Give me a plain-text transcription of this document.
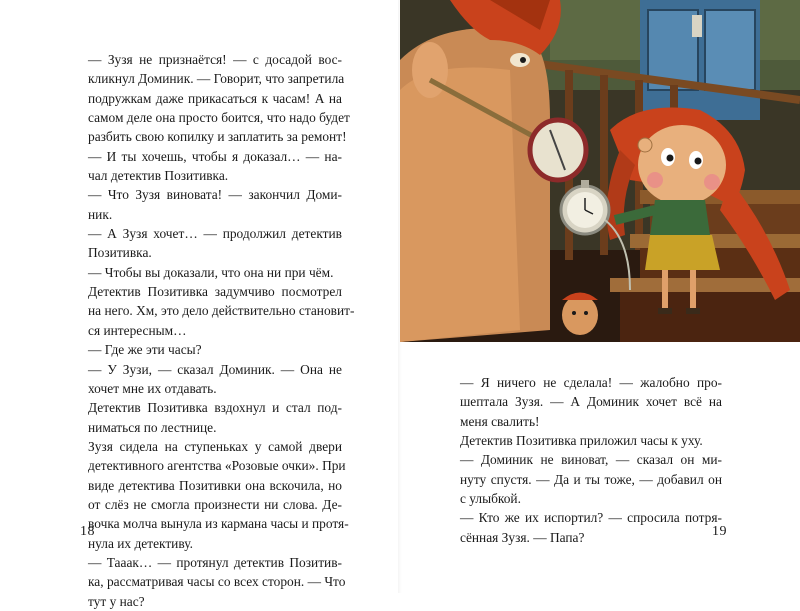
— Зузя не признаётся! — с досадой вос-
кликнул Доминик. — Говорит, что запретила
подружкам даже прикасаться к часам! А на
самом деле она просто боится, что надо будет
разбить свою копилку и заплатить за ремонт!
— И ты хочешь, чтобы я доказал… — на-
чал детектив Позитивка.
— Что Зузя виновата! — закончил Доми-
ник.
— А Зузя хочет… — продолжил детектив
Позитивка.
— Чтобы вы доказали, что она ни при чём.
Детектив Позитивка задумчиво посмотрел
на него. Хм, это дело действительно становит-
ся интересным…
— Где же эти часы?
— У Зузи, — сказал Доминик. — Она не
хочет мне их отдавать.
Детектив Позитивка вздохнул и стал под-
ниматься по лестнице.
Зузя сидела на ступеньках у самой двери
детективного агентства «Розовые очки». При
виде детектива Позитивки она вскочила, но
от слёз не смогла произнести ни слова. Де-
вочка молча вынула из кармана часы и протя-
нула их детективу.
— Тааак… — протянул детектив Позитив-
ка, рассматривая часы со всех сторон. — Что
тут у нас?
18	19
— Я ничего не сделала! — жалобно про-
шептала Зузя. — А Доминик хочет всё на
меня свалить!
Детектив Позитивка приложил часы к уху.
— Доминик не виноват, — сказал он ми-
нуту спустя. — Да и ты тоже, — добавил он
с улыбкой.
— Кто же их испортил? — спросила потря-
сённая Зузя. — Папа?
